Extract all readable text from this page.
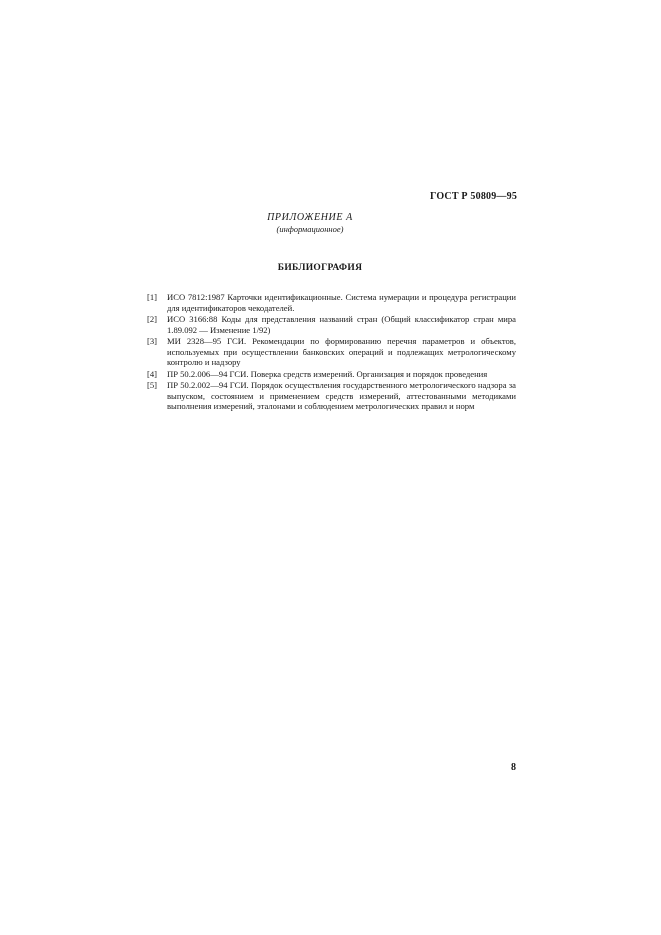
ГОСТ Р 50809—95
ПРИЛОЖЕНИЕ А
(информационное)
БИБЛИОГРАФИЯ
[1]	ИСО 7812:1987 Карточки идентификационные. Система нумерации и процедура регистрации для идентификаторов чекодателей.
[2]	ИСО 3166:88 Коды для представления названий стран (Общий классификатор стран мира 1.89.092 — Изменение 1/92)
[3]	МИ 2328—95 ГСИ. Рекомендации по формированию перечня параметров и объектов, используемых при осуществлении банковских операций и подлежащих метрологическому контролю и надзору
[4]	ПР 50.2.006—94 ГСИ. Поверка средств измерений. Организация и порядок проведения
[5]	ПР 50.2.002—94 ГСИ. Порядок осуществления государственного метрологического надзора за выпуском, состоянием и применением средств измерений, аттестованными методиками выполнения измерений, эталонами и соблюдением метрологических правил и норм
8
